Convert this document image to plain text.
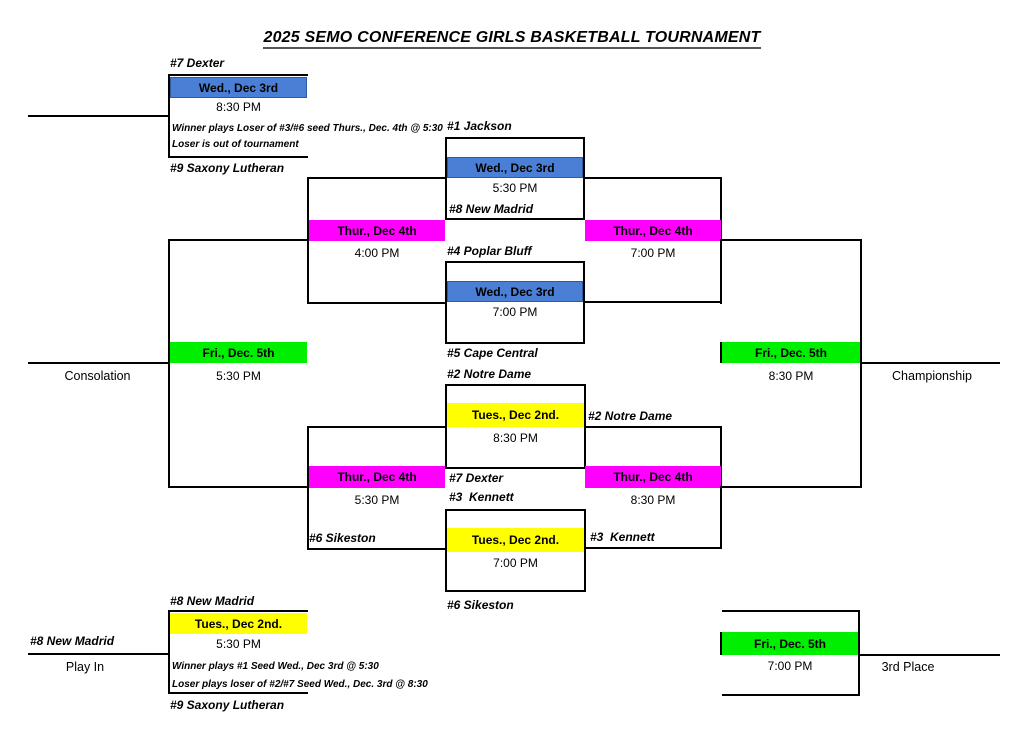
2025 SEMO CONFERENCE GIRLS BASKETBALL TOURNAMENT
#7 Dexter
Wed., Dec 3rd
8:30 PM
Winner plays Loser of #3/#6 seed Thurs., Dec. 4th @ 5:30
Loser is out of tournament
#9 Saxony Lutheran
#1 Jackson
Wed., Dec 3rd
5:30 PM
#8 New Madrid
#4 Poplar Bluff
Wed., Dec 3rd
7:00 PM
#5 Cape Central
#2 Notre Dame
Tues., Dec 2nd.
8:30 PM
#7 Dexter
#3  Kennett
Tues., Dec 2nd.
7:00 PM
#6 Sikeston
Thur., Dec 4th
4:00 PM
Thur., Dec 4th
5:30 PM
#6 Sikeston
Fri., Dec. 5th
5:30 PM
Consolation
Thur., Dec 4th
7:00 PM
#2 Notre Dame
Thur., Dec 4th
8:30 PM
#3  Kennett
Fri., Dec. 5th
8:30 PM	Championship
#8 New Madrid
Tues., Dec 2nd.
5:30 PM
Winner plays #1 Seed Wed., Dec 3rd @ 5:30
Loser plays loser of #2/#7 Seed Wed., Dec. 3rd @ 8:30
#9 Saxony Lutheran
#8 New Madrid
Play In
Fri., Dec. 5th
7:00 PM	3rd Place
